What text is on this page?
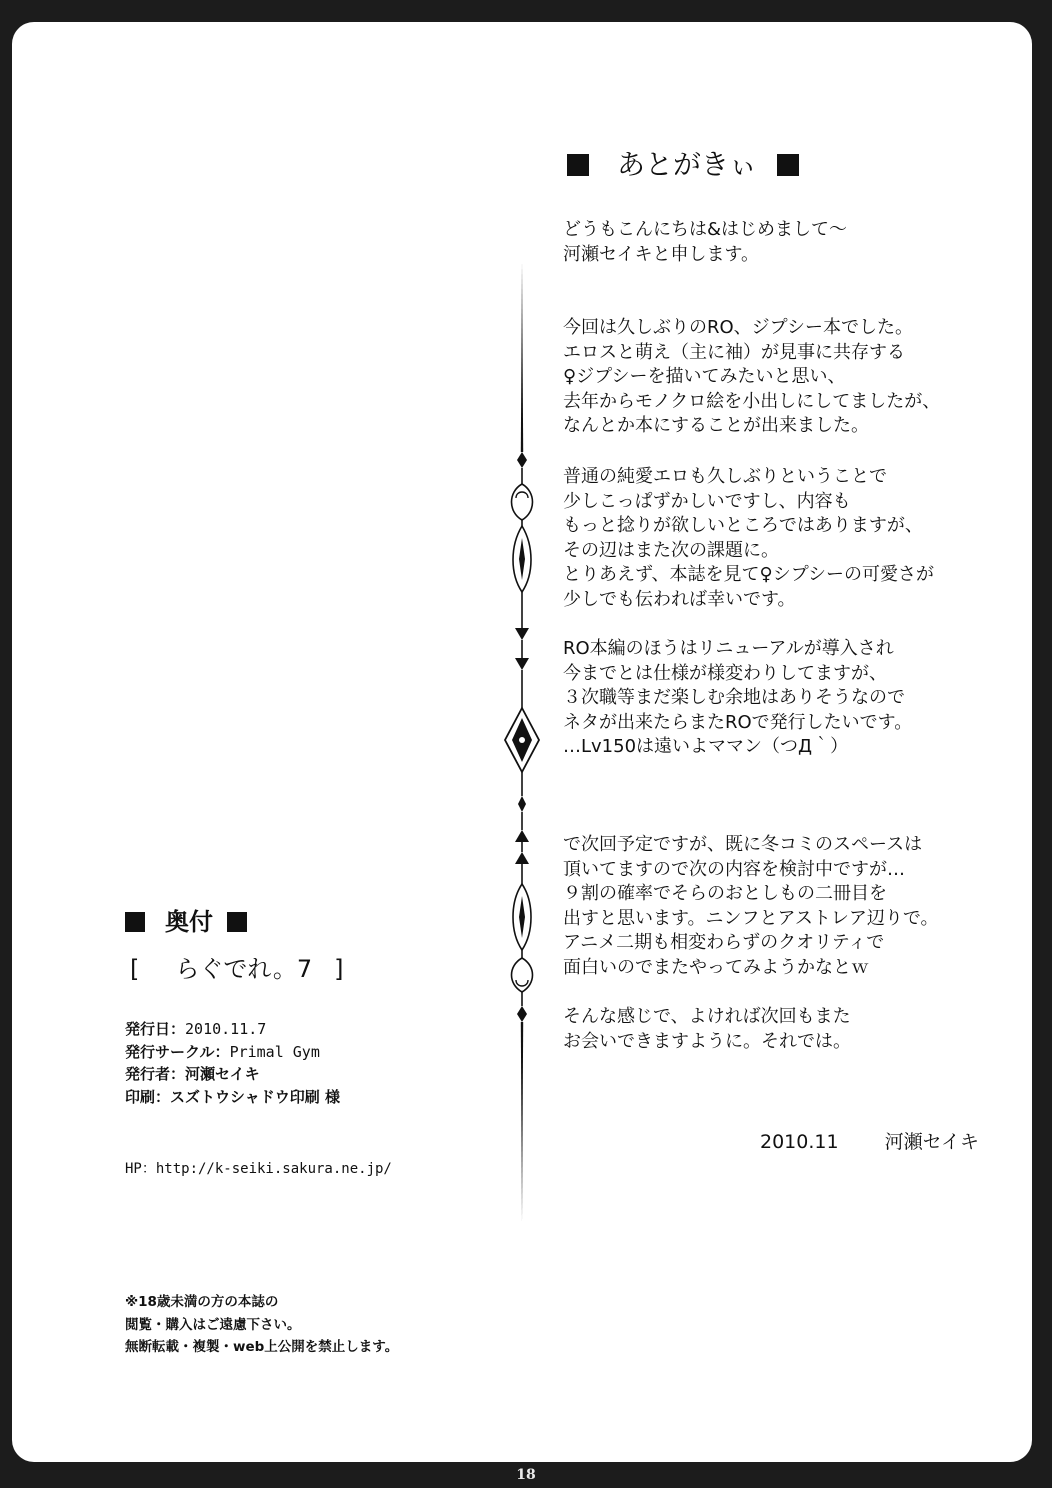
あとがきぃ

どうもこんにちは&はじめまして～
河瀬セイキと申します。

今回は久しぶりのRO、ジプシー本でした。
エロスと萌え（主に袖）が見事に共存する
♀ジプシーを描いてみたいと思い、
去年からモノクロ絵を小出しにしてましたが、
なんとか本にすることが出来ました。

普通の純愛エロも久しぶりということで
少しこっぱずかしいですし、内容も
もっと捻りが欲しいところではありますが、
その辺はまた次の課題に。
とりあえず、本誌を見て♀シプシーの可愛さが
少しでも伝われば幸いです。

RO本編のほうはリニューアルが導入され
今までとは仕様が様変わりしてますが、
３次職等まだ楽しむ余地はありそうなので
ネタが出来たらまたROで発行したいです。
…Lv150は遠いよママン（つД｀）

で次回予定ですが、既に冬コミのスペースは
頂いてますので次の内容を検討中ですが…
９割の確率でそらのおとしもの二冊目を
出すと思います。ニンフとアストレア辺りで。
アニメ二期も相変わらずのクオリティで
面白いのでまたやってみようかなとｗ

そんな感じで、よければ次回もまた
お会いできますように。それでは。

2010.11 河瀬セイキ
奥付
[ らぐでれ。7 ]
発行日：2010.11.7
発行サークル：Primal Gym
発行者：河瀬セイキ
印刷：スズトウシャドウ印刷 様
HP：http://k-seiki.sakura.ne.jp/
※18歳未満の方の本誌の
閲覧・購入はご遠慮下さい。
無断転載・複製・web上公開を禁止します。
18
